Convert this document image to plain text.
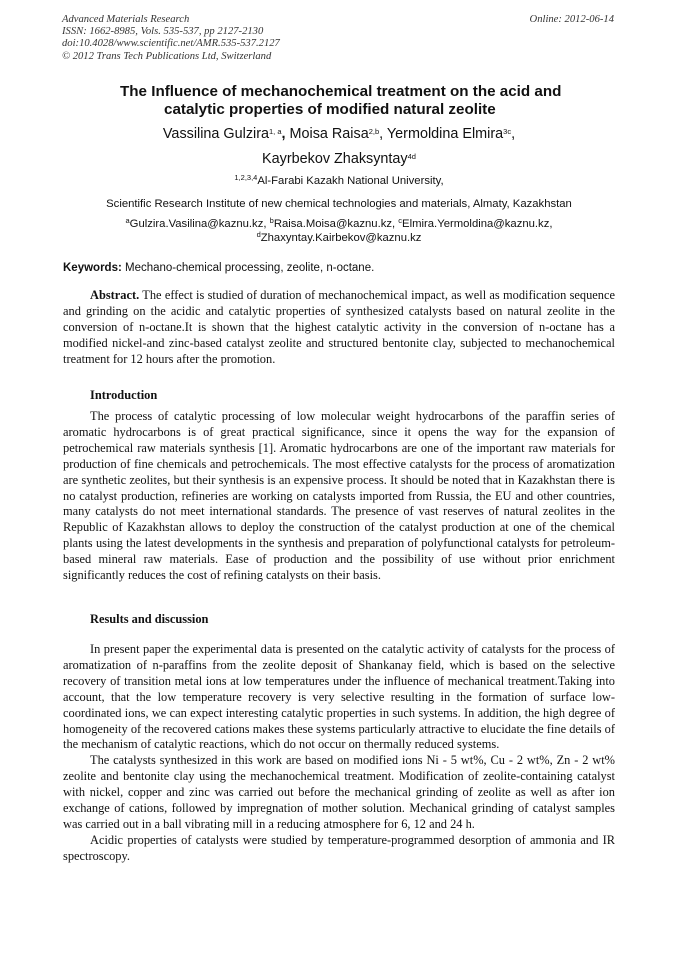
Advanced Materials Research
ISSN: 1662-8985, Vols. 535-537, pp 2127-2130
doi:10.4028/www.scientific.net/AMR.535-537.2127
© 2012 Trans Tech Publications Ltd, Switzerland
Online: 2012-06-14
The Influence of mechanochemical treatment on the acid and
catalytic properties of modified natural zeolite
Vassilina Gulzira$^{1, a}$, Moisa Raisa$^{2,b}$, Yermoldina Elmira$^{3c}$,
Kayrbekov Zhaksyntay$^{4d}$
$^{1,2,3,4}$Al-Farabi Kazakh National University,
Scientific Research Institute of new chemical technologies and materials, Almaty, Kazakhstan
$^a$Gulzira.Vasilina@kaznu.kz, $^b$Raisa.Moisa@kaznu.kz, $^c$Elmira.Yermoldina@kaznu.kz,
$^d$Zhaxyntay.Kairbekov@kaznu.kz
Keywords: Mechano-chemical processing, zeolite, n-octane.

Abstract. The effect is studied of duration of mechanochemical impact, as well as modification sequence and grinding on the acidic and catalytic properties of synthesized catalysts based on natural zeolite in the conversion of n-octane.It is shown that the highest catalytic activity in the conversion of n-octane has a modified nickel-and zinc-based catalyst zeolite and structured bentonite clay, subjected to mechanochemical treatment for 12 hours after the promotion.

Introduction

The process of catalytic processing of low molecular weight hydrocarbons of the paraffin series of aromatic hydrocarbons is of great practical significance, since it opens the way for the expansion of petrochemical raw materials synthesis [1]. Aromatic hydrocarbons are one of the important raw materials for production of fine chemicals and petrochemicals. The most effective catalysts for the process of aromatization are synthetic zeolites, but their synthesis is an expensive process. It should be noted that in Kazakhstan there is no catalyst production, refineries are working on catalysts imported from Russia, the EU and other countries, many catalysts do not meet international standards. The presence of vast reserves of natural zeolites in the Republic of Kazakhstan allows to deploy the construction of the catalyst production at one of the chemical plants using the latest developments in the synthesis and preparation of polyfunctional catalysts for petroleum-based mineral raw materials. Ease of production and the possibility of use without prior enrichment significantly reduces the cost of refining catalysts on their basis.

Results and discussion

In present paper the experimental data is presented on the catalytic activity of catalysts for the process of aromatization of n-paraffins from the zeolite deposit of Shankanay field, which is based on the selective recovery of transition metal ions at low temperatures under the influence of mechanical treatment.Taking into account, that the low temperature recovery is very selective resulting in the formation of surface low-coordinated ions, we can expect interesting catalytic properties in such systems. In addition, the high degree of homogeneity of the recovered cations makes these systems particularly attractive to elucidate the fine details of the mechanism of catalytic reactions, which do not occur on thermally reduced systems.

The catalysts synthesized in this work are based on modified ions Ni - 5 wt%, Cu - 2 wt%, Zn - 2 wt% zeolite and bentonite clay using the mechanochemical treatment. Modification of zeolite-containing catalyst with nickel, copper and zinc was carried out before the mechanical grinding of zeolite as well as after ion exchange of cations, followed by impregnation of mother solution. Mechanical grinding of catalyst samples was carried out in a ball vibrating mill in a reducing atmosphere for 6, 12 and 24 h.

Acidic properties of catalysts were studied by temperature-programmed desorption of ammonia and IR spectroscopy.
